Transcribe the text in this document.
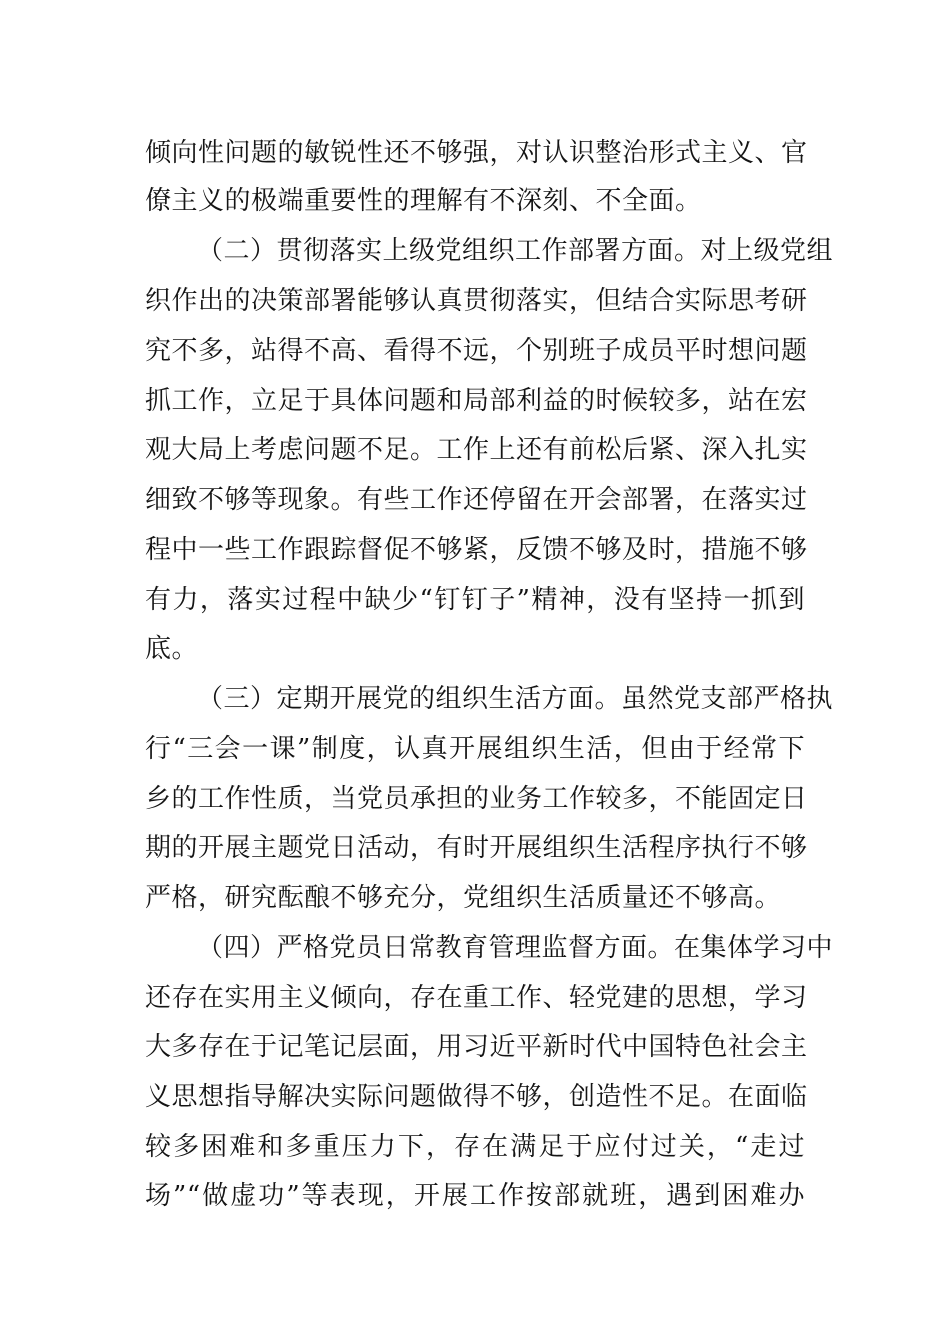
倾向性问题的敏锐性还不够强，对认识整治形式主义、官
僚主义的极端重要性的理解有不深刻、不全面。
（二）贯彻落实上级党组织工作部署方面。对上级党组
织作出的决策部署能够认真贯彻落实，但结合实际思考研
究不多，站得不高、看得不远，个别班子成员平时想问题
抓工作，立足于具体问题和局部利益的时候较多，站在宏
观大局上考虑问题不足。工作上还有前松后紧、深入扎实
细致不够等现象。有些工作还停留在开会部署，在落实过
程中一些工作跟踪督促不够紧，反馈不够及时，措施不够
有力，落实过程中缺少“钉钉子”精神，没有坚持一抓到
底。
（三）定期开展党的组织生活方面。虽然党支部严格执
行“三会一课”制度，认真开展组织生活，但由于经常下
乡的工作性质，当党员承担的业务工作较多，不能固定日
期的开展主题党日活动，有时开展组织生活程序执行不够
严格，研究酝酿不够充分，党组织生活质量还不够高。
（四）严格党员日常教育管理监督方面。在集体学习中
还存在实用主义倾向，存在重工作、轻党建的思想，学习
大多存在于记笔记层面，用习近平新时代中国特色社会主
义思想指导解决实际问题做得不够，创造性不足。在面临
较多困难和多重压力下，存在满足于应付过关，“走过
场”“做虚功”等表现，开展工作按部就班，遇到困难办
